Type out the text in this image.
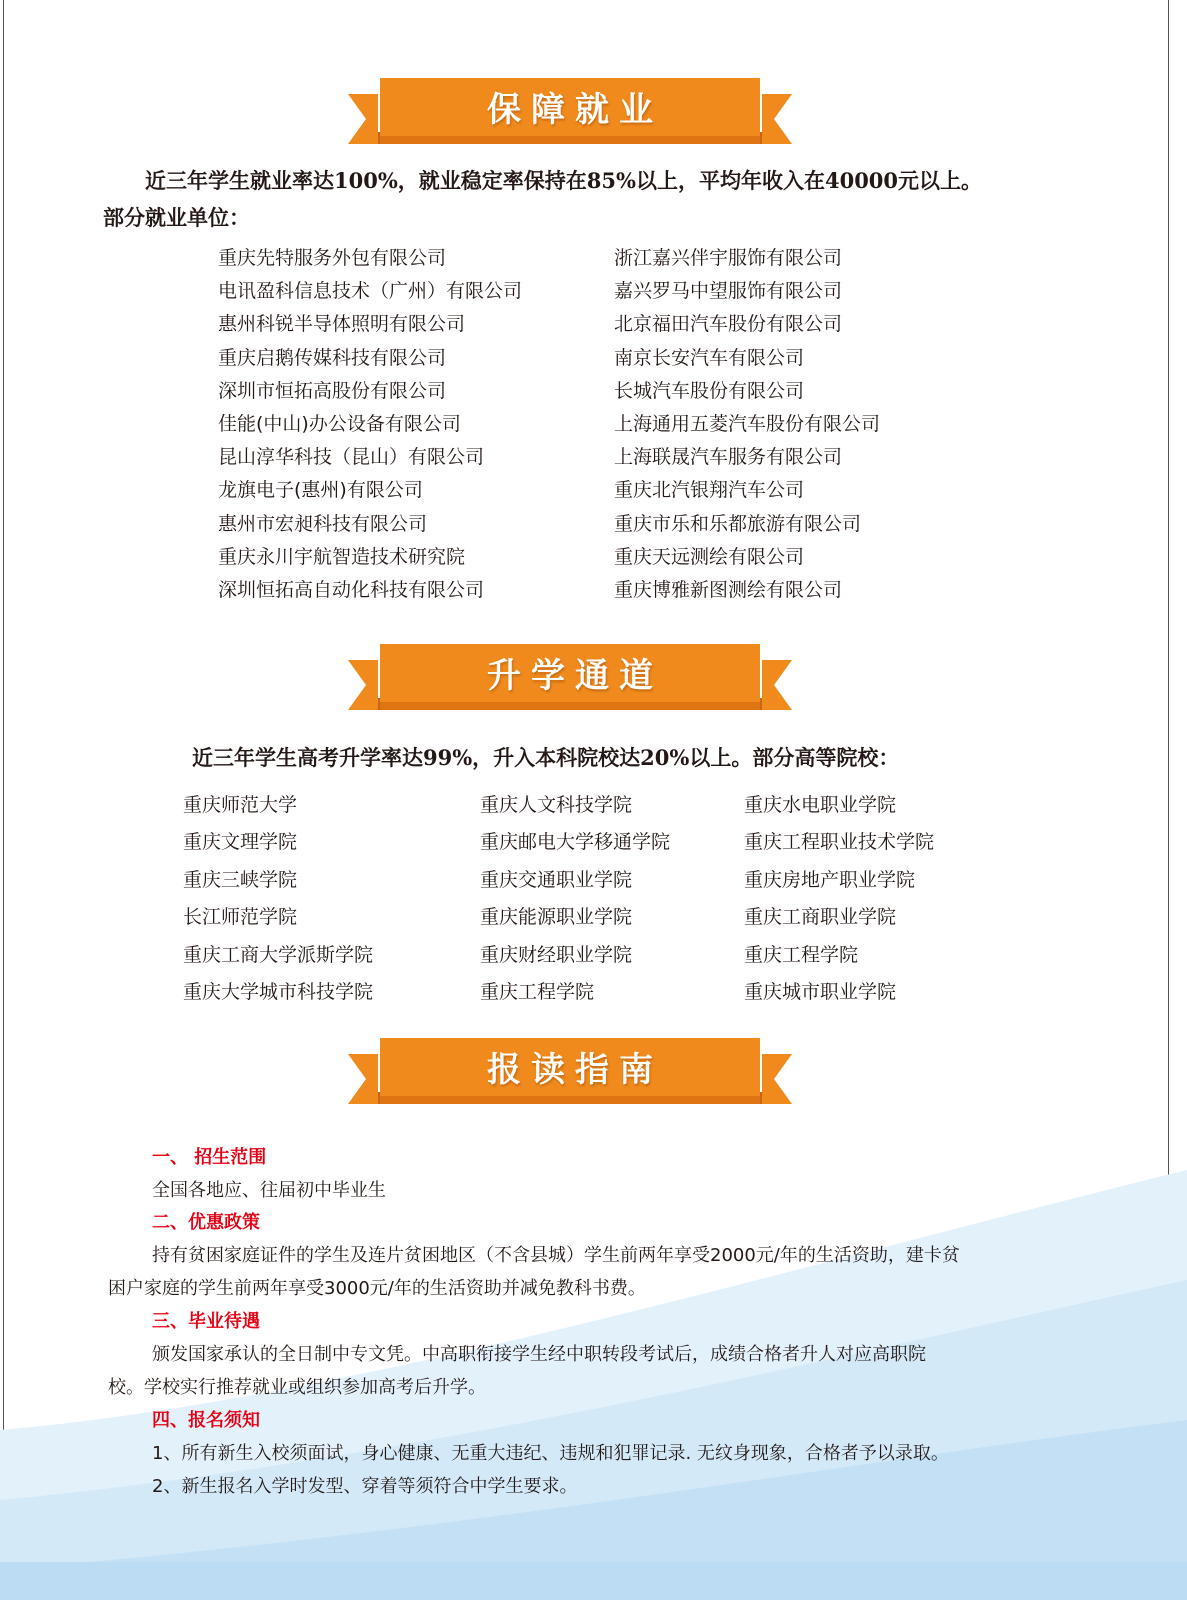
保障就业
近三年学生就业率达100%，就业稳定率保持在85%以上，平均年收入在40000元以上。
部分就业单位：
重庆先特服务外包有限公司
电讯盈科信息技术（广州）有限公司
惠州科锐半导体照明有限公司
重庆启鹅传媒科技有限公司
深圳市恒拓高股份有限公司
佳能(中山)办公设备有限公司
昆山淳华科技（昆山）有限公司
龙旗电子(惠州)有限公司
惠州市宏昶科技有限公司
重庆永川宇航智造技术研究院
深圳恒拓高自动化科技有限公司
浙江嘉兴伴宇服饰有限公司
嘉兴罗马中望服饰有限公司
北京福田汽车股份有限公司
南京长安汽车有限公司
长城汽车股份有限公司
上海通用五菱汽车股份有限公司
上海联晟汽车服务有限公司
重庆北汽银翔汽车公司
重庆市乐和乐都旅游有限公司
重庆天远测绘有限公司
重庆博雅新图测绘有限公司
升学通道
近三年学生高考升学率达99%，升入本科院校达20%以上。部分高等院校：
重庆师范大学
重庆文理学院
重庆三峡学院
长江师范学院
重庆工商大学派斯学院
重庆大学城市科技学院
重庆人文科技学院
重庆邮电大学移通学院
重庆交通职业学院
重庆能源职业学院
重庆财经职业学院
重庆工程学院
重庆水电职业学院
重庆工程职业技术学院
重庆房地产职业学院
重庆工商职业学院
重庆工程学院
重庆城市职业学院
报读指南
一、 招生范围
全国各地应、往届初中毕业生
二、优惠政策
持有贫困家庭证件的学生及连片贫困地区（不含县城）学生前两年享受2000元/年的生活资助，建卡贫
困户家庭的学生前两年享受3000元/年的生活资助并减免教科书费。
三、毕业待遇
颁发国家承认的全日制中专文凭。中高职衔接学生经中职转段考试后，成绩合格者升人对应高职院
校。学校实行推荐就业或组织参加高考后升学。
四、报名须知
1、所有新生入校须面试，身心健康、无重大违纪、违规和犯罪记录. 无纹身现象，合格者予以录取。
2、新生报名入学时发型、穿着等须符合中学生要求。
